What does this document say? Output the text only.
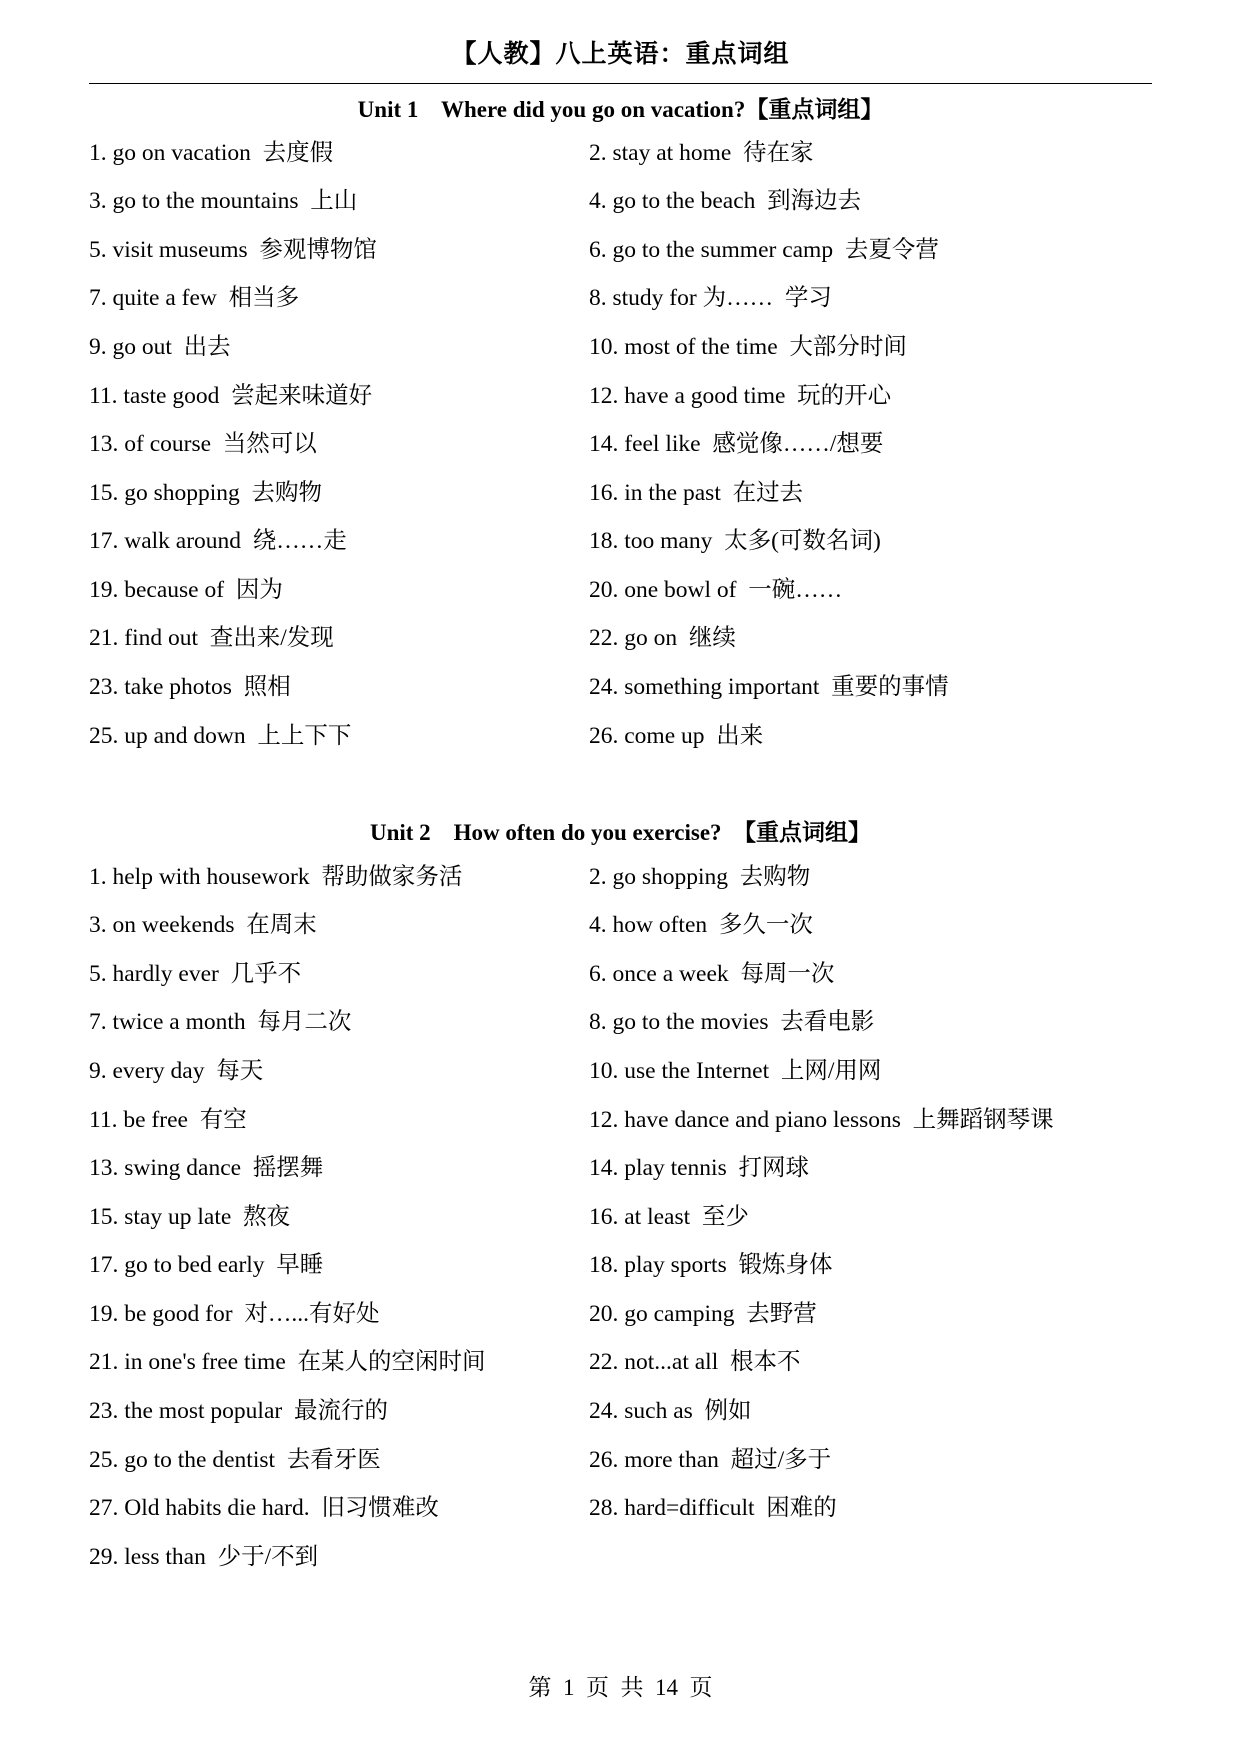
【人教】八上英语：重点词组
Unit 1    Where did you go on vacation?【重点词组】
1. go on vacation  去度假	2. stay at home  待在家
3. go to the mountains  上山	4. go to the beach  到海边去
5. visit museums  参观博物馆	6. go to the summer camp  去夏令营
7. quite a few  相当多	8. study for 为……  学习
9. go out  出去	10. most of the time  大部分时间
11. taste good  尝起来味道好	12. have a good time  玩的开心
13. of course  当然可以	14. feel like  感觉像……/想要
15. go shopping  去购物	16. in the past  在过去
17. walk around  绕……走	18. too many  太多(可数名词)
19. because of  因为	20. one bowl of  一碗……
21. find out  查出来/发现	22. go on  继续
23. take photos  照相	24. something important  重要的事情
25. up and down  上上下下	26. come up  出来
Unit 2    How often do you exercise?  【重点词组】
1. help with housework  帮助做家务活	2. go shopping  去购物
3. on weekends  在周末	4. how often  多久一次
5. hardly ever  几乎不	6. once a week  每周一次
7. twice a month  每月二次	8. go to the movies  去看电影
9. every day  每天	10. use the Internet  上网/用网
11. be free  有空	12. have dance and piano lessons  上舞蹈钢琴课
13. swing dance  摇摆舞	14. play tennis  打网球
15. stay up late  熬夜	16. at least  至少
17. go to bed early  早睡	18. play sports  锻炼身体
19. be good for  对…...有好处	20. go camping  去野营
21. in one's free time  在某人的空闲时间	22. not...at all  根本不
23. the most popular  最流行的	24. such as  例如
25. go to the dentist  去看牙医	26. more than  超过/多于
27. Old habits die hard.  旧习惯难改	28. hard=difficult  困难的
29. less than  少于/不到
第  1  页  共  14  页
